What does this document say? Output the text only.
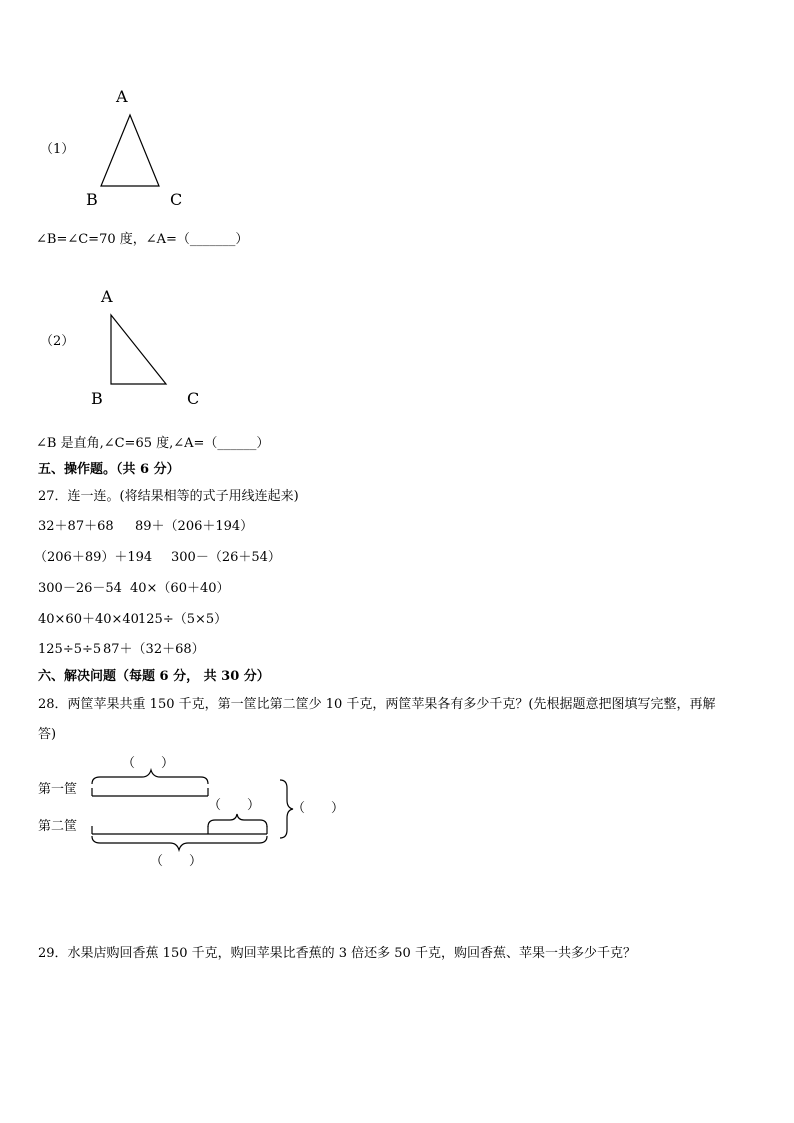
（1）
A
B	C
∠B=∠C=70 度，∠A=（_______）
（2）
A
B	C
∠B 是直角,∠C=65 度,∠A=（______）
五、操作题。（共 6 分）
27．连一连。(将结果相等的式子用线连起来)
32＋87＋68 89＋（206＋194）
（206＋89）＋194 300－（26＋54）
300－26－54 40×（60＋40）
40×60＋40×40 125÷（5×5）
125÷5÷5 87＋（32＋68）
六、解决问题（每题 6 分， 共 30 分）
28．两筐苹果共重 150 千克，第一筐比第二筐少 10 千克，两筐苹果各有多少千克？(先根据题意把图填写完整，再解
答)
第一筐
第二筐
（　　）
（　　） （　　）
（　　）
29．水果店购回香蕉 150 千克，购回苹果比香蕉的 3 倍还多 50 千克，购回香蕉、苹果一共多少千克？
